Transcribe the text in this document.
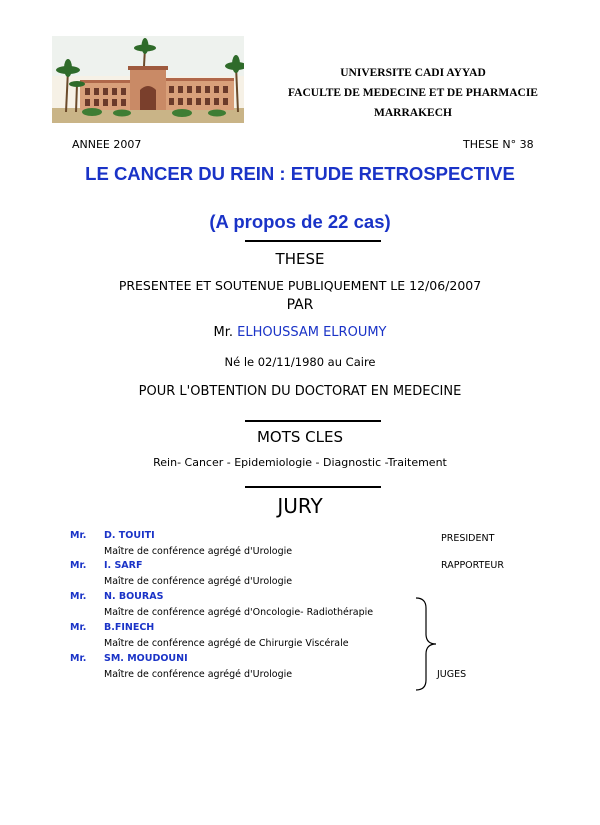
UNIVERSITE CADI AYYAD
FACULTE DE MEDECINE ET DE PHARMACIE
MARRAKECH
ANNEE 2007	THESE N° 38
LE CANCER DU REIN : ETUDE RETROSPECTIVE
(A propos de 22 cas)
THESE
PRESENTEE ET SOUTENUE PUBLIQUEMENT LE 12/06/2007
PAR
Mr. ELHOUSSAM ELROUMY
Né le 02/11/1980 au Caire
POUR L'OBTENTION DU DOCTORAT EN MEDECINE
MOTS CLES
Rein- Cancer - Epidemiologie - Diagnostic -Traitement
JURY
Mr. D. TOUITI
Maître de conférence agrégé d'Urologie
Mr. I. SARF
Maître de conférence agrégé d'Urologie
Mr. N. BOURAS
Maître de conférence agrégé d'Oncologie- Radiothérapie
Mr. B.FINECH
Maître de conférence agrégé de Chirurgie Viscérale
Mr. SM. MOUDOUNI
Maître de conférence agrégé d'Urologie
PRESIDENT
RAPPORTEUR
JUGES
